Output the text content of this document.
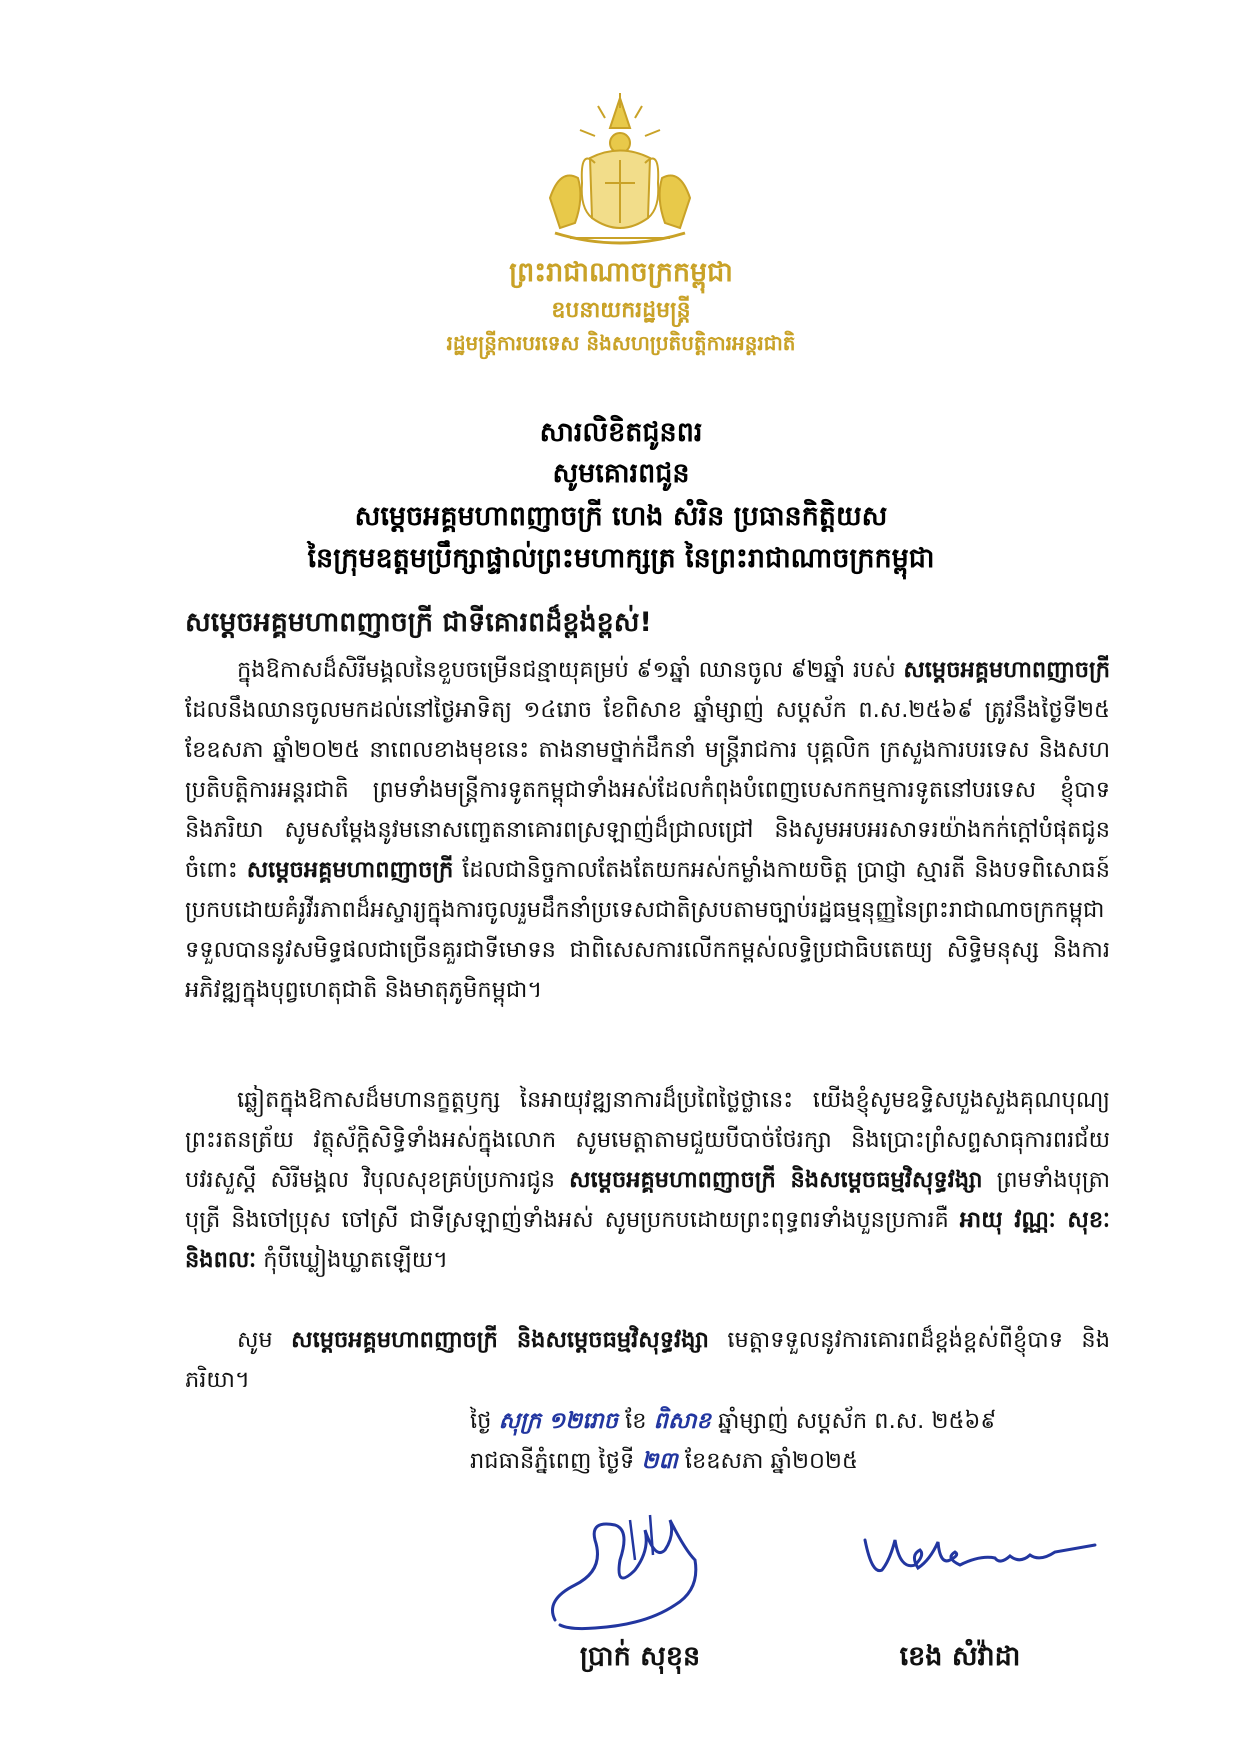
ព្រះរាជាណាចក្រកម្ពុជា
ឧបនាយករដ្ឋមន្ត្រី
រដ្ឋមន្ត្រីការបរទេស និងសហប្រតិបត្តិការអន្តរជាតិ
សារលិខិតជូនពរ
សូមគោរពជូន
សម្តេចអគ្គមហាពញាចក្រី ហេង សំរិន ប្រធានកិត្តិយស
នៃក្រុមឧត្តមប្រឹក្សាផ្ទាល់ព្រះមហាក្សត្រ នៃព្រះរាជាណាចក្រកម្ពុជា
សម្តេចអគ្គមហាពញាចក្រី ជាទីគោរពដ៏ខ្ពង់ខ្ពស់!
ក្នុងឱកាសដ៏សិរីមង្គលនៃខួបចម្រើនជន្មាយុគម្រប់ ៩១ឆ្នាំ ឈានចូល ៩២ឆ្នាំ របស់ សម្តេចអគ្គមហាពញាចក្រី ដែលនឹងឈានចូលមកដល់នៅថ្ងៃអាទិត្យ ១៤រោច ខែពិសាខ ឆ្នាំម្សាញ់ សប្តស័ក ព.ស.២៥៦៩ ត្រូវនឹងថ្ងៃទី២៥ ខែឧសភា ឆ្នាំ២០២៥ នាពេលខាងមុខនេះ តាងនាមថ្នាក់ដឹកនាំ មន្ត្រីរាជការ បុគ្គលិក ក្រសួងការបរទេស និងសហប្រតិបត្តិការអន្តរជាតិ ព្រមទាំងមន្ត្រីការទូតកម្ពុជាទាំងអស់ដែលកំពុងបំពេញបេសកកម្មការទូតនៅបរទេស ខ្ញុំបាទ និងភរិយា សូមសម្តែងនូវមនោសញ្ចេតនាគោរពស្រឡាញ់ដ៏ជ្រាលជ្រៅ និងសូមអបអរសាទរយ៉ាងកក់ក្តៅបំផុតជូនចំពោះ សម្តេចអគ្គមហាពញាចក្រី ដែលជានិច្ចកាលតែងតែយកអស់កម្លាំងកាយចិត្ត ប្រាជ្ញា ស្មារតី និងបទពិសោធន៍ប្រកបដោយគំរូវីរភាពដ៏អស្ចារ្យក្នុងការចូលរួមដឹកនាំប្រទេសជាតិស្របតាមច្បាប់រដ្ឋធម្មនុញ្ញនៃព្រះរាជាណាចក្រកម្ពុជា ទទួលបាននូវសមិទ្ធផលជាច្រើនគួរជាទីមោទន ជាពិសេសការលើកកម្ពស់លទ្ធិប្រជាធិបតេយ្យ សិទ្ធិមនុស្ស និងការអភិវឌ្ឍក្នុងបុព្វហេតុជាតិ និងមាតុភូមិកម្ពុជា។
ឆ្លៀតក្នុងឱកាសដ៏មហានក្ខត្តឫក្ស នៃអាយុវឌ្ឍនាការដ៏ប្រពៃថ្លៃថ្លានេះ យើងខ្ញុំសូមឧទ្ទិសបួងសួងគុណបុណ្យព្រះរតនត្រ័យ វត្ថុស័ក្តិសិទ្ធិទាំងអស់ក្នុងលោក សូមមេត្តាតាមជួយបីបាច់ថែរក្សា និងប្រោះព្រំសព្ទសាធុការពរជ័យ បវរសួស្តី សិរីមង្គល វិបុលសុខគ្រប់ប្រការជូន សម្តេចអគ្គមហាពញាចក្រី និងសម្តេចធម្មវិសុទ្ធវង្សា ព្រមទាំងបុត្រា បុត្រី និងចៅប្រុស ចៅស្រី ជាទីស្រឡាញ់ទាំងអស់ សូមប្រកបដោយព្រះពុទ្ធពរទាំងបួនប្រការគឺ អាយុ វណ្ណៈ សុខៈ និងពលៈ កុំបីឃ្លៀងឃ្លាតឡើយ។
សូម សម្តេចអគ្គមហាពញាចក្រី និងសម្តេចធម្មវិសុទ្ធវង្សា មេត្តាទទួលនូវការគោរពដ៏ខ្ពង់ខ្ពស់ពីខ្ញុំបាទ និងភរិយា។
ថ្ងៃ សុក្រ ១២រោច ខែ ពិសាខ ឆ្នាំម្សាញ់ សប្តស័ក ព.ស. ២៥៦៩
រាជធានីភ្នំពេញ ថ្ងៃទី ២៣ ខែឧសភា ឆ្នាំ២០២៥
ប្រាក់ សុខុន	ខេង សំវ៉ាដា
